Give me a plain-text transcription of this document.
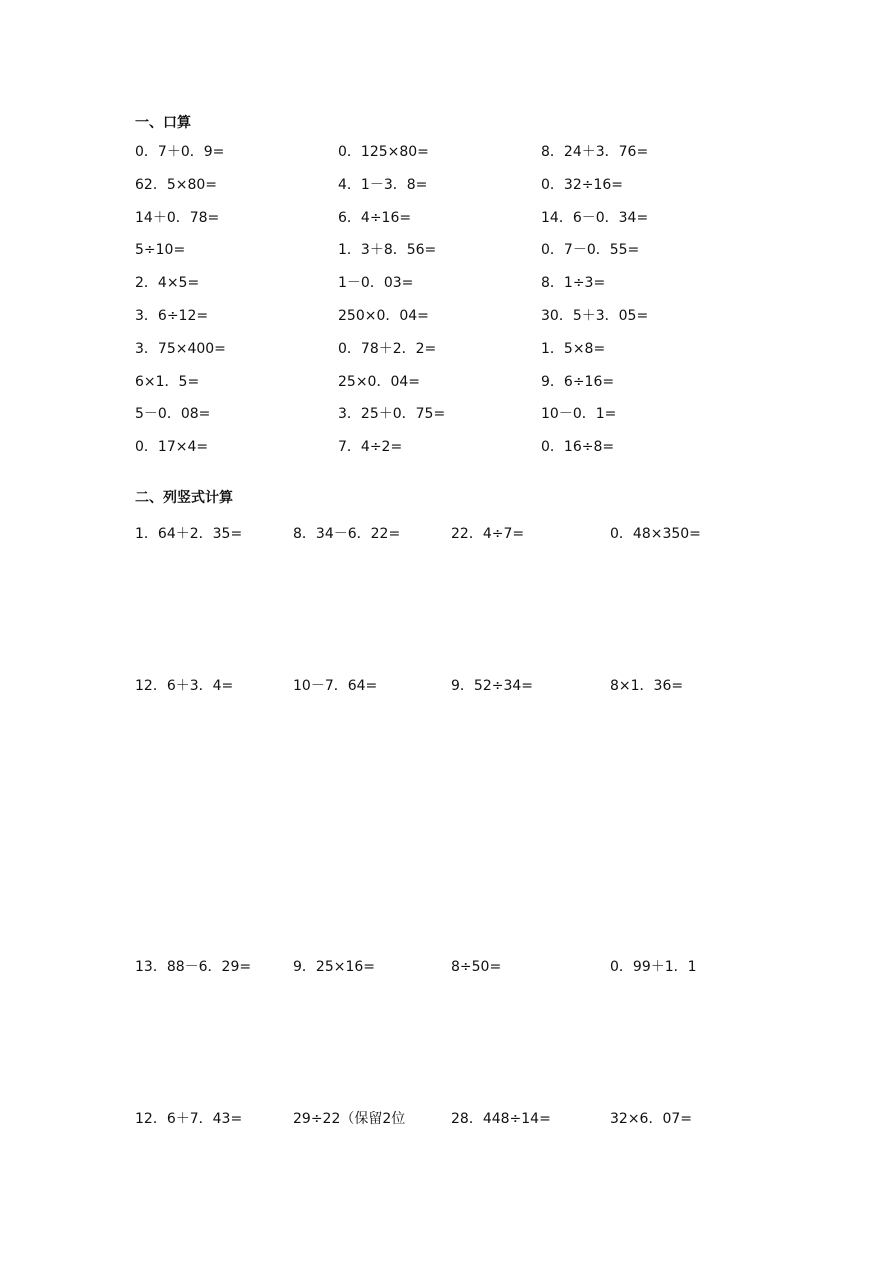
一、口算
0．7＋0．9=	0．125×80=	8．24＋3．76=
62．5×80=	4．1－3．8=	0．32÷16=
14＋0．78=	6．4÷16=	14．6－0．34=
5÷10=	1．3＋8．56=	0．7－0．55=
2．4×5=	1－0．03=	8．1÷3=
3．6÷12=	250×0．04=	30．5＋3．05=
3．75×400=	0．78＋2．2=	1．5×8=
6×1．5=	25×0．04=	9．6÷16=
5－0．08=	3．25＋0．75=	10－0．1=
0．17×4=	7．4÷2=	0．16÷8=
二、列竖式计算
1．64＋2．35=	8．34－6．22=	22．4÷7=	0．48×350=
12．6＋3．4=	10－7．64=	9．52÷34=	8×1．36=
13．88－6．29=	9．25×16=	8÷50=	0．99＋1．1
12．6＋7．43=	29÷22（保留2位	28．448÷14=	32×6．07=
